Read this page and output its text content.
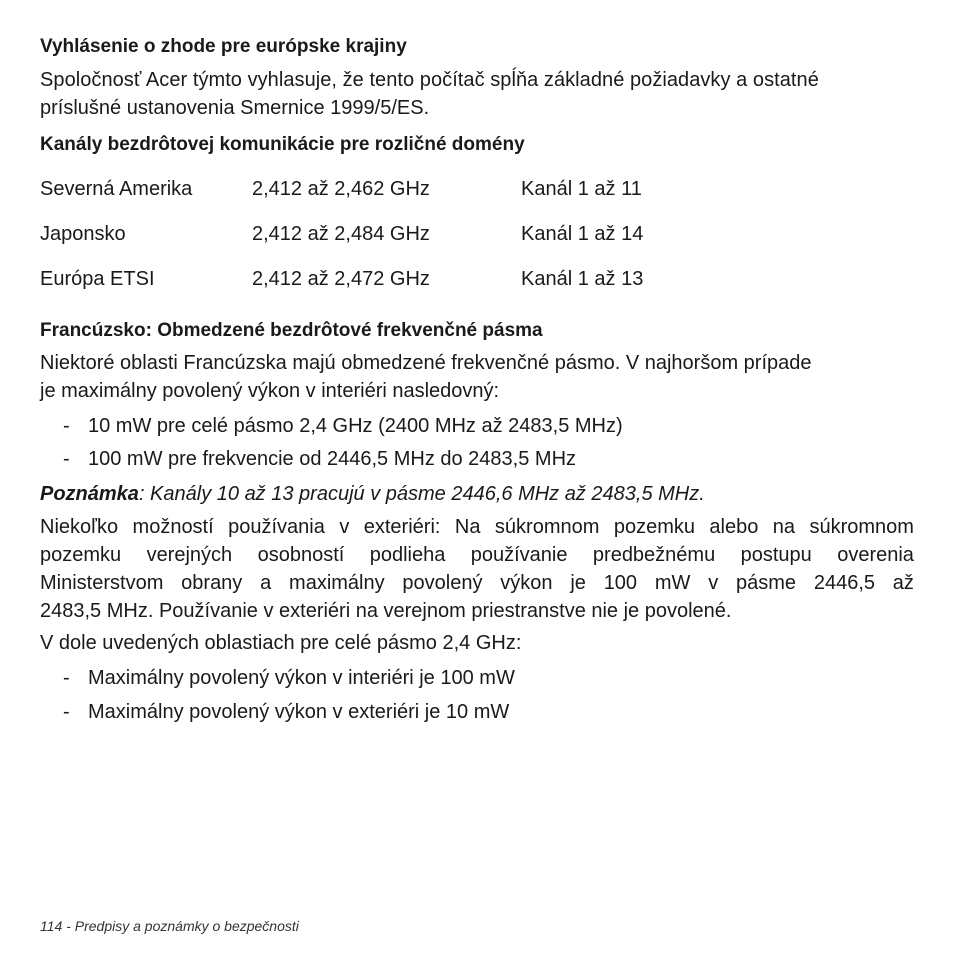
Vyhlásenie o zhode pre európske krajiny
Spoločnosť Acer týmto vyhlasuje, že tento počítač spĺňa základné požiadavky a ostatné
príslušné ustanovenia Smernice 1999/5/ES.
Kanály bezdrôtovej komunikácie pre rozličné domény
Severná Amerika	2,412 až 2,462 GHz	Kanál 1 až 11
Japonsko	2,412 až 2,484 GHz	Kanál 1 až 14
Európa ETSI	2,412 až 2,472 GHz	Kanál 1 až 13
Francúzsko: Obmedzené bezdrôtové frekvenčné pásma
Niektoré oblasti Francúzska majú obmedzené frekvenčné pásmo. V najhoršom prípade
je maximálny povolený výkon v interiéri nasledovný:
- 10 mW pre celé pásmo 2,4 GHz (2400 MHz až 2483,5 MHz)
- 100 mW pre frekvencie od 2446,5 MHz do 2483,5 MHz
Poznámka: Kanály 10 až 13 pracujú v pásme 2446,6 MHz až 2483,5 MHz.
Niekoľko možností používania v exteriéri: Na súkromnom pozemku alebo na súkromnom
pozemku verejných osobností podlieha používanie predbežnému postupu overenia
Ministerstvom obrany a maximálny povolený výkon je 100 mW v pásme 2446,5 až
2483,5 MHz. Používanie v exteriéri na verejnom priestranstve nie je povolené.
V dole uvedených oblastiach pre celé pásmo 2,4 GHz:
- Maximálny povolený výkon v interiéri je 100 mW
- Maximálny povolený výkon v exteriéri je 10 mW
114 - Predpisy a poznámky o bezpečnosti
